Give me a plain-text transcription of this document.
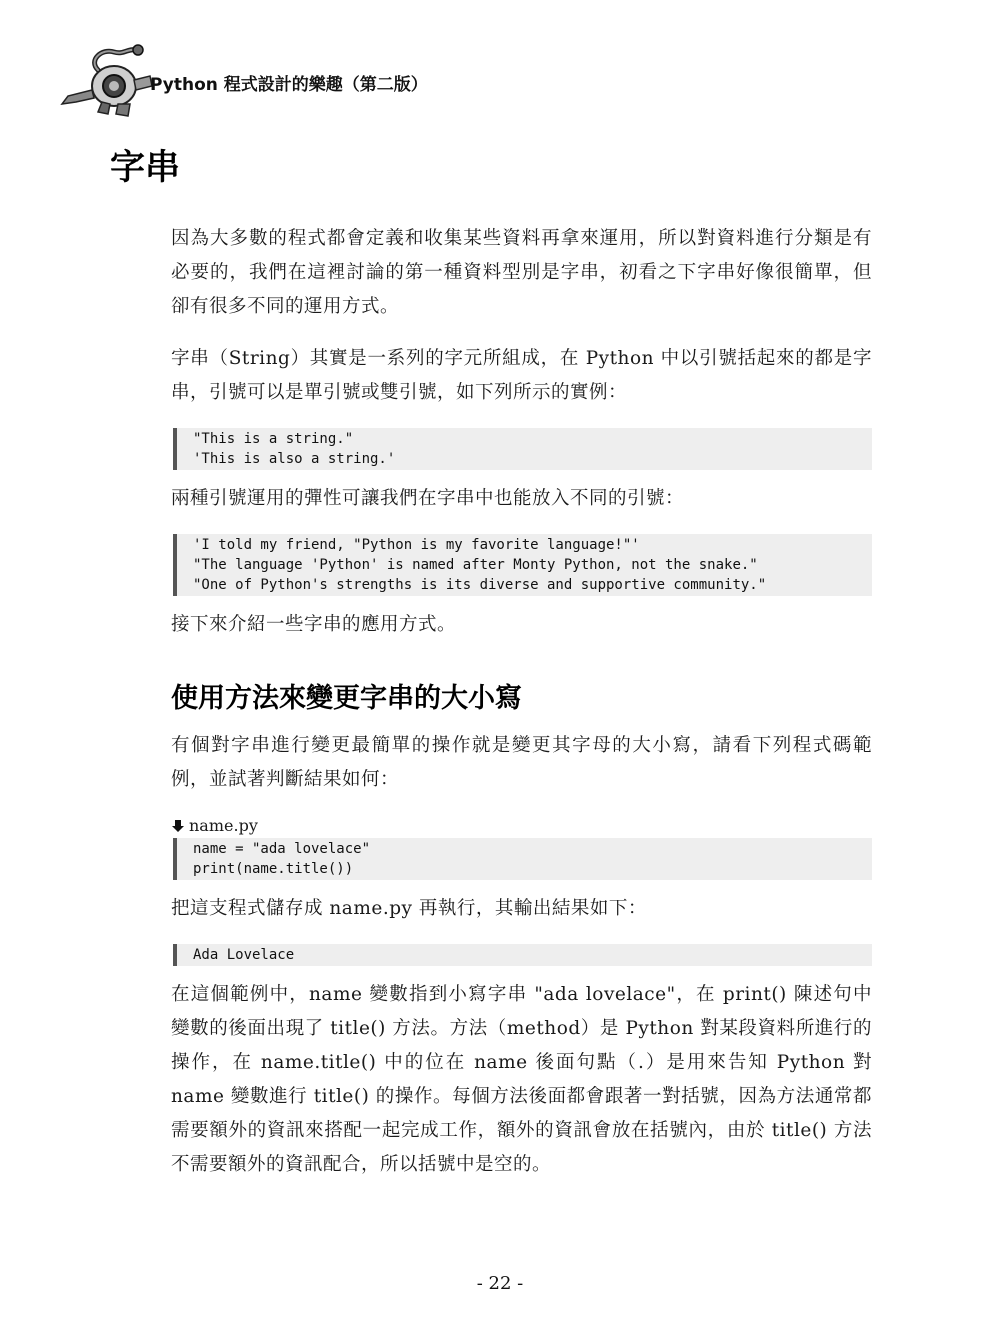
Python 程式設計的樂趣（第二版）
字串

因為大多數的程式都會定義和收集某些資料再拿來運用，所以對資料進行分類是有必要的，我們在這裡討論的第一種資料型別是字串，初看之下字串好像很簡單，但卻有很多不同的運用方式。

字串（String）其實是一系列的字元所組成，在 Python 中以引號括起來的都是字串，引號可以是單引號或雙引號，如下列所示的實例：

"This is a string."
'This is also a string.'

兩種引號運用的彈性可讓我們在字串中也能放入不同的引號：

'I told my friend, "Python is my favorite language!"'
"The language 'Python' is named after Monty Python, not the snake."
"One of Python's strengths is its diverse and supportive community."

接下來介紹一些字串的應用方式。

使用方法來變更字串的大小寫

有個對字串進行變更最簡單的操作就是變更其字母的大小寫，請看下列程式碼範例，並試著判斷結果如何：

name.py
name = "ada lovelace"
print(name.title())

把這支程式儲存成 name.py 再執行，其輸出結果如下：

Ada Lovelace

在這個範例中，name 變數指到小寫字串 "ada lovelace"，在 print() 陳述句中變數的後面出現了 title() 方法。方法（method）是 Python 對某段資料所進行的操作，在 name.title() 中的位在 name 後面句點（.）是用來告知 Python 對 name 變數進行 title() 的操作。每個方法後面都會跟著一對括號，因為方法通常都需要額外的資訊來搭配一起完成工作，額外的資訊會放在括號內，由於 title() 方法不需要額外的資訊配合，所以括號中是空的。

- 22 -
